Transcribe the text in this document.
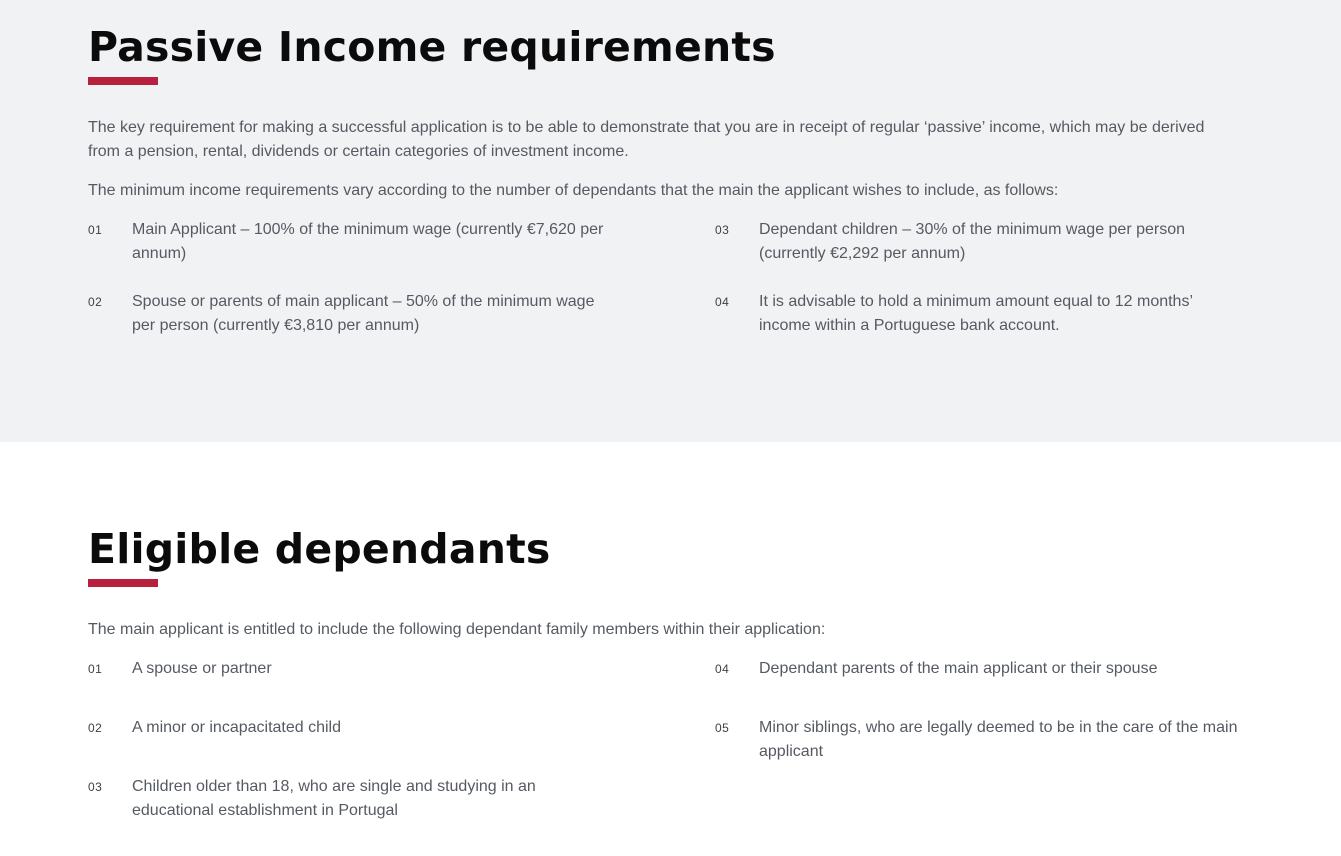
Passive Income requirements

The key requirement for making a successful application is to be able to demonstrate that you are in receipt of regular ‘passive’ income, which may be derived from a pension, rental, dividends or certain categories of investment income.

The minimum income requirements vary according to the number of dependants that the main the applicant wishes to include, as follows:

01 Main Applicant – 100% of the minimum wage (currently €7,620 per annum)
02 Spouse or parents of main applicant – 50% of the minimum wage per person (currently €3,810 per annum)
03 Dependant children – 30% of the minimum wage per person (currently €2,292 per annum)
04 It is advisable to hold a minimum amount equal to 12 months’ income within a Portuguese bank account.
Eligible dependants

The main applicant is entitled to include the following dependant family members within their application:

01 A spouse or partner
02 A minor or incapacitated child
03 Children older than 18, who are single and studying in an educational establishment in Portugal
04 Dependant parents of the main applicant or their spouse
05 Minor siblings, who are legally deemed to be in the care of the main applicant
